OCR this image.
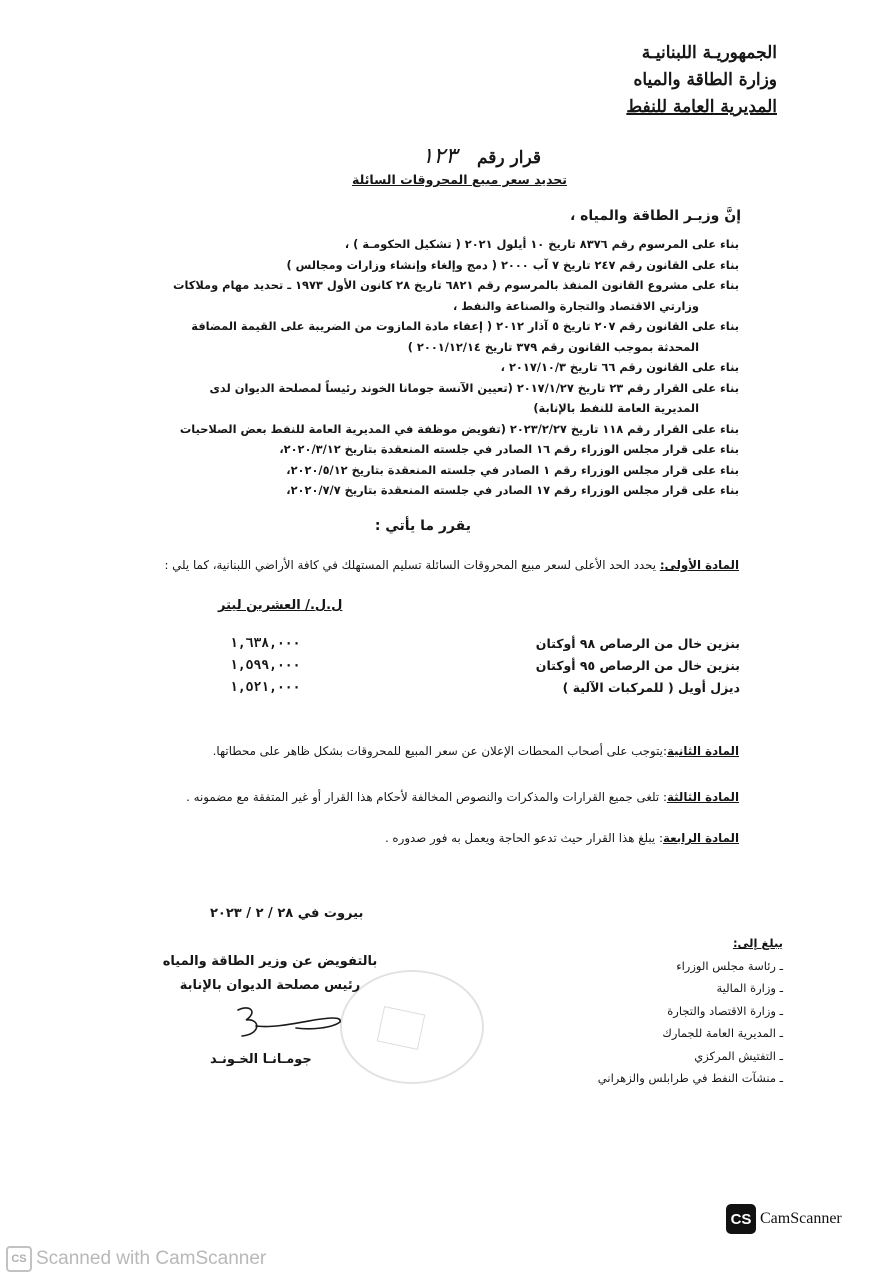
الجمهوريـة اللبنانيـة
وزارة الطاقة والمياه
المديرية العامة للنفط
قرار رقم ١٢٣
تحديد سعر مبيع المحروقات السائلة
إنَّ وزيـر الطاقة والمياه ،
بناء على المرسوم رقم ٨٣٧٦ تاريخ ١٠ أيلول ٢٠٢١ ( تشكيل الحكومـة ) ،
بناء على القانون رقم ٢٤٧ تاريخ ٧ آب ٢٠٠٠ ( دمج وإلغاء وإنشاء وزارات ومجالس )
بناء على مشروع القانون المنفذ بالمرسوم رقم ٦٨٢١ تاريخ ٢٨ كانون الأول ١٩٧٣ ـ تحديد مهام وملاكات
وزارتي الاقتصاد والتجارة والصناعة والنفط ،
بناء على القانون رقم ٢٠٧ تاريخ ٥ آذار ٢٠١٢ ( إعفاء مادة المازوت من الضريبة على القيمة المضافة
المحدثة بموجب القانون رقم ٣٧٩ تاريخ ٢٠٠١/١٢/١٤ )
بناء على القانون رقم ٦٦ تاريخ ٢٠١٧/١٠/٣ ،
بناء على القرار رقم ٢٣ تاريخ ٢٠١٧/١/٢٧ (تعيين الآنسة جومانا الخوند رئيساً لمصلحة الديوان لدى
المديرية العامة للنفط بالإنابة)
بناء على القرار رقم ١١٨ تاريخ ٢٠٢٣/٢/٢٧ (تفويض موظفة في المديرية العامة للنفط بعض الصلاحيات
بناء على قرار مجلس الوزراء رقم ١٦ الصادر في جلسته المنعقدة بتاريخ ٢٠٢٠/٣/١٢،
بناء على قرار مجلس الوزراء رقم ١ الصادر في جلسته المنعقدة بتاريخ ٢٠٢٠/٥/١٢،
بناء على قرار مجلس الوزراء رقم ١٧ الصادر في جلسته المنعقدة بتاريخ ٢٠٢٠/٧/٧،
يقرر ما يأتي :
المادة الأولى: يحدد الحد الأعلى لسعر مبيع المحروقات السائلة تسليم المستهلك في كافة الأراضي اللبنانية، كما يلي :
ل.ل./ العشرين ليتر
بنزين خال من الرصاص ٩٨ أوكتان
١,٦٣٨,٠٠٠
بنزين خال من الرصاص ٩٥ أوكتان
١,٥٩٩,٠٠٠
ديزل أويل ( للمركبات الآلية )
١,٥٢١,٠٠٠
المادة الثانية:يتوجب على أصحاب المحطات الإعلان عن سعر المبيع للمحروقات بشكل ظاهر على محطاتها.
المادة الثالثة: تلغى جميع القرارات والمذكرات والنصوص المخالفة لأحكام هذا القرار أو غير المتفقة مع مضمونه .
المادة الرابعة: يبلغ هذا القرار حيث تدعو الحاجة ويعمل به فور صدوره .
بيروت في ٢٨ / ٢ / ٢٠٢٣
بالتفويض عن وزير الطاقة والمياه
رئيس مصلحة الديوان بالإنابة
جومـانـا الخـونـد
يبلغ إلى:
ـ رئاسة مجلس الوزراء
ـ وزارة المالية
ـ وزارة الاقتصاد والتجارة
ـ المديرية العامة للجمارك
ـ التفتيش المركزي
ـ منشآت النفط في طرابلس والزهراني
CS CamScanner
CS Scanned with CamScanner
